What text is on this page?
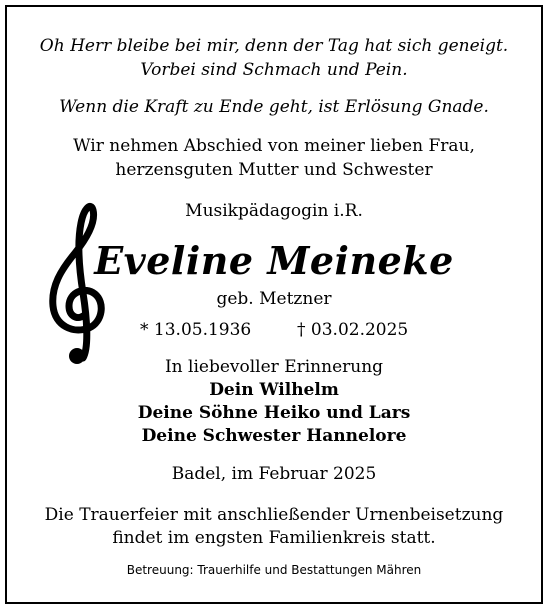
Oh Herr bleibe bei mir, denn der Tag hat sich geneigt.
Vorbei sind Schmach und Pein.
Wenn die Kraft zu Ende geht, ist Erlösung Gnade.
Wir nehmen Abschied von meiner lieben Frau,
herzensguten Mutter und Schwester
Musikpädagogin i.R.
Eveline Meineke
geb. Metzner
* 13.05.1936	† 03.02.2025
In liebevoller Erinnerung
Dein Wilhelm
Deine Söhne Heiko und Lars
Deine Schwester Hannelore
Badel, im Februar 2025
Die Trauerfeier mit anschließender Urnenbeisetzung
findet im engsten Familienkreis statt.
Betreuung: Trauerhilfe und Bestattungen Mähren
